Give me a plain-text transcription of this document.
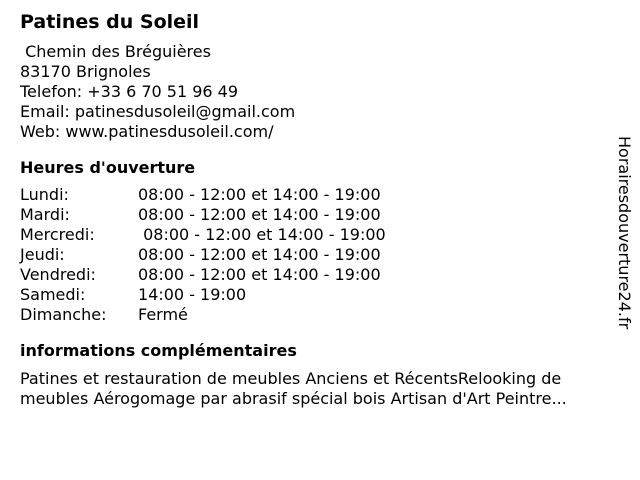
Patines du Soleil
Chemin des Bréguières
83170 Brignoles
Telefon: +33 6 70 51 96 49
Email: patinesdusoleil@gmail.com
Web: www.patinesdusoleil.com/
Heures d'ouverture
Lundi:	08:00 - 12:00 et 14:00 - 19:00
Mardi:	08:00 - 12:00 et 14:00 - 19:00
Mercredi:	08:00 - 12:00 et 14:00 - 19:00
Jeudi:	08:00 - 12:00 et 14:00 - 19:00
Vendredi:	08:00 - 12:00 et 14:00 - 19:00
Samedi:	14:00 - 19:00
Dimanche:	Fermé
informations complémentaires
Patines et restauration de meubles Anciens et RécentsRelooking de meubles Aérogomage par abrasif spécial bois Artisan d'Art Peintre...
Horairesdouverture24.fr
